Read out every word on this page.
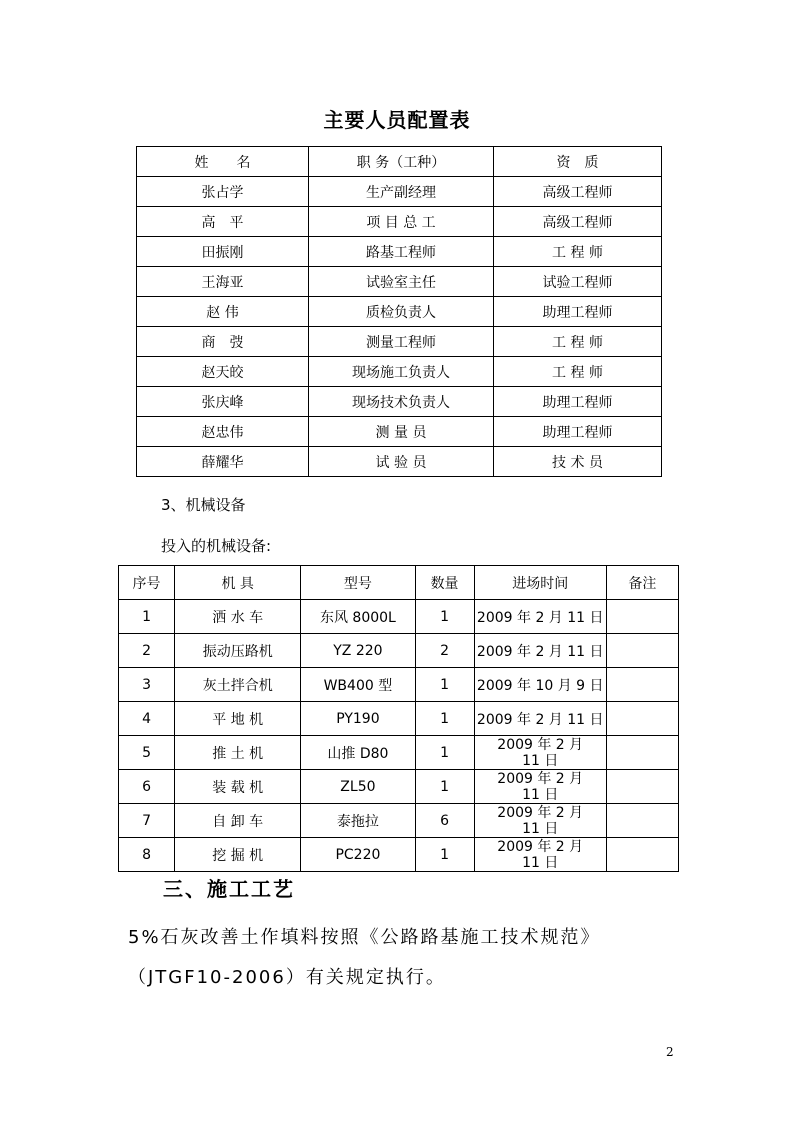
主要人员配置表
姓　　名	职 务（工种）	资　质
张占学	生产副经理	高级工程师
高　平	项 目 总 工	高级工程师
田振刚	路基工程师	工 程 师
王海亚	试验室主任	试验工程师
赵 伟	质检负责人	助理工程师
商　弢	测量工程师	工 程 师
赵天皎	现场施工负责人	工 程 师
张庆峰	现场技术负责人	助理工程师
赵忠伟	测 量 员	助理工程师
薛耀华	试 验 员	技 术 员
3、机械设备
投入的机械设备:
序号	机 具	型号	数量	进场时间	备注
1	洒 水 车	东风 8000L	1	2009 年 2 月 11 日	
2	振动压路机	YZ 220	2	2009 年 2 月 11 日	
3	灰土拌合机	WB400 型	1	2009 年 10 月 9 日	
4	平 地 机	PY190	1	2009 年 2 月 11 日	
5	推 土 机	山推 D80	1	2009 年 2 月 11 日	

6	装 载 机	ZL50	1	2009 年 2 月 11 日	

7	自 卸 车	泰拖拉	6	2009 年 2 月 11 日	

8	挖 掘 机	PC220	1	2009 年 2 月 11 日	

三、施工工艺
5%石灰改善土作填料按照《公路路基施工技术规范》
（JTGF10-2006）有关规定执行。
2
